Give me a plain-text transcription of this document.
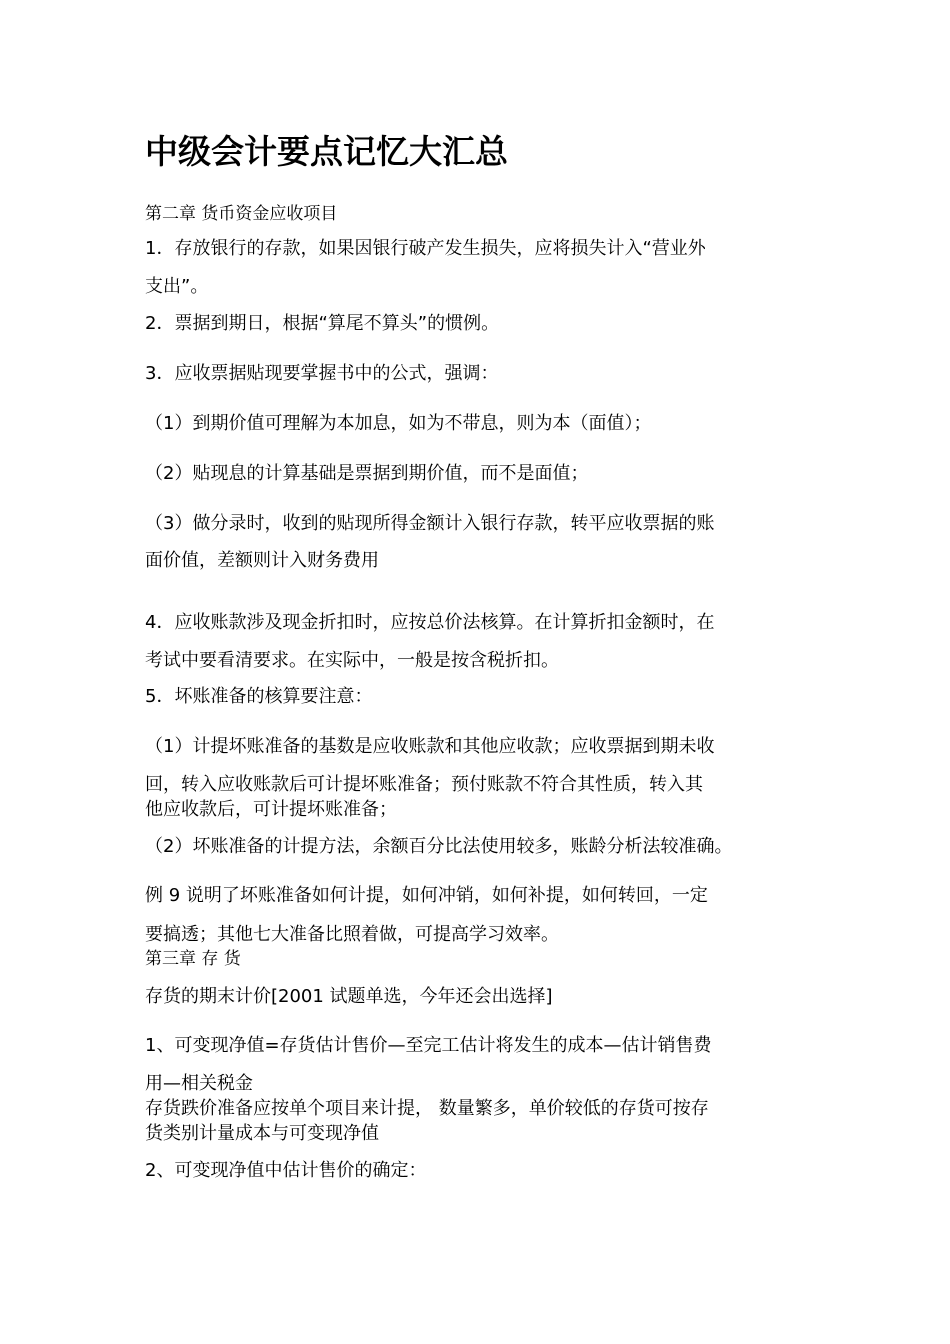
中级会计要点记忆大汇总
第二章 货币资金应收项目
1．存放银行的存款，如果因银行破产发生损失，应将损失计入“营业外
支出”。
2．票据到期日，根据“算尾不算头”的惯例。
3．应收票据贴现要掌握书中的公式，强调：
（1）到期价值可理解为本加息，如为不带息，则为本（面值）；
（2）贴现息的计算基础是票据到期价值，而不是面值；
（3）做分录时，收到的贴现所得金额计入银行存款，转平应收票据的账
面价值，差额则计入财务费用
4．应收账款涉及现金折扣时，应按总价法核算。在计算折扣金额时，在
考试中要看清要求。在实际中，一般是按含税折扣。
5．坏账准备的核算要注意：
（1）计提坏账准备的基数是应收账款和其他应收款；应收票据到期未收
回，转入应收账款后可计提坏账准备；预付账款不符合其性质，转入其
他应收款后，可计提坏账准备；
（2）坏账准备的计提方法，余额百分比法使用较多，账龄分析法较准确。
例 9 说明了坏账准备如何计提，如何冲销，如何补提，如何转回，一定
要搞透；其他七大准备比照着做，可提高学习效率。
第三章 存 货
存货的期末计价[2001 试题单选，今年还会出选择]
1、可变现净值=存货估计售价—至完工估计将发生的成本—估计销售费
用—相关税金
存货跌价准备应按单个项目来计提， 数量繁多，单价较低的存货可按存
货类别计量成本与可变现净值
2、可变现净值中估计售价的确定：
